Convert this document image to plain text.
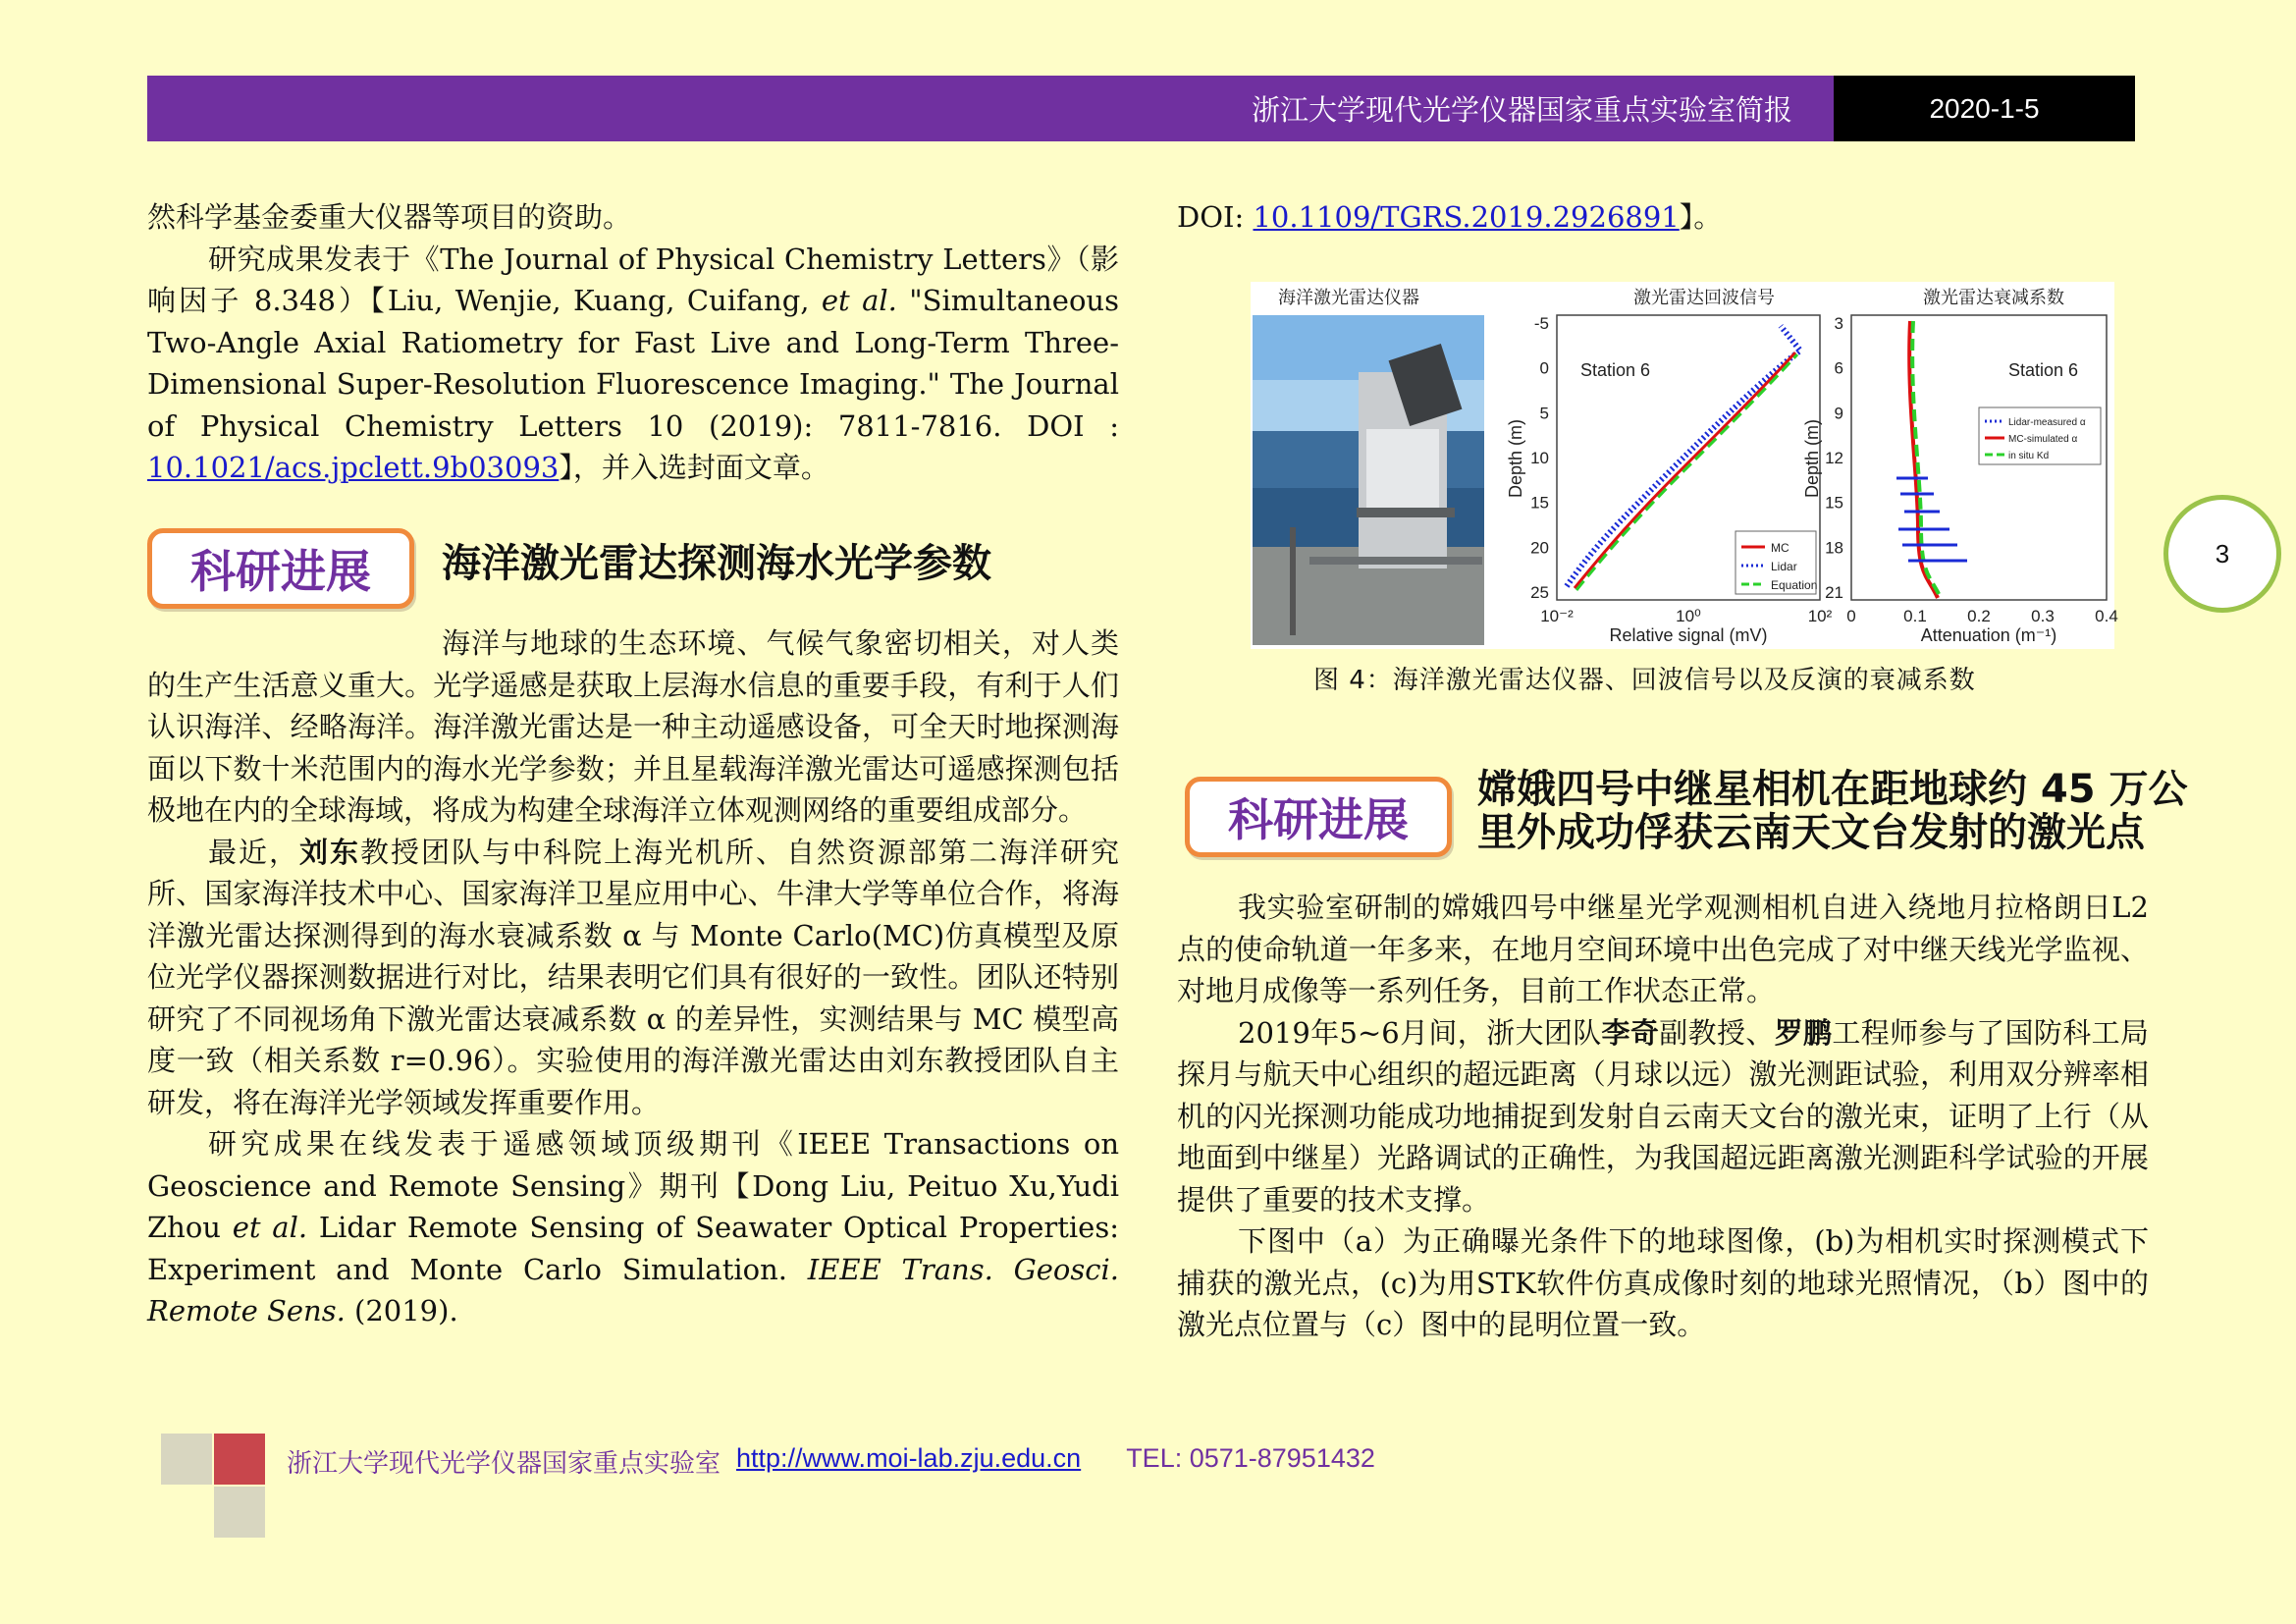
浙江大学现代光学仪器国家重点实验室简报	2020-1-5

然科学基金委重大仪器等项目的资助。

研究成果发表于《The Journal of Physical Chemistry Letters》（影响因子 8.348）【Liu, Wenjie, Kuang, Cuifang, et al. "Simultaneous Two-Angle Axial Ratiometry for Fast Live and Long-Term Three-Dimensional Super-Resolution Fluorescence Imaging." The Journal of Physical Chemistry Letters 10 (2019): 7811-7816. DOI : 10.1021/acs.jpclett.9b03093】，并入选封面文章。

科研进展	海洋激光雷达探测海水光学参数

海洋与地球的生态环境、气候气象密切相关，对人类的生产生活意义重大。光学遥感是获取上层海水信息的重要手段，有利于人们认识海洋、经略海洋。海洋激光雷达是一种主动遥感设备，可全天时地探测海面以下数十米范围内的海水光学参数；并且星载海洋激光雷达可遥感探测包括极地在内的全球海域，将成为构建全球海洋立体观测网络的重要组成部分。

最近，刘东教授团队与中科院上海光机所、自然资源部第二海洋研究所、国家海洋技术中心、国家海洋卫星应用中心、牛津大学等单位合作，将海洋激光雷达探测得到的海水衰减系数 α 与 Monte Carlo(MC)仿真模型及原位光学仪器探测数据进行对比，结果表明它们具有很好的一致性。团队还特别研究了不同视场角下激光雷达衰减系数 α 的差异性，实测结果与 MC 模型高度一致（相关系数 r=0.96）。实验使用的海洋激光雷达由刘东教授团队自主研发，将在海洋光学领域发挥重要作用。

研究成果在线发表于遥感领域顶级期刊《IEEE Transactions on Geoscience and Remote Sensing》期刊【Dong Liu, Peituo Xu,Yudi Zhou et al. Lidar Remote Sensing of Seawater Optical Properties: Experiment and Monte Carlo Simulation. IEEE Trans. Geosci. Remote Sens. (2019).

DOI: 10.1109/TGRS.2019.2926891】。

海洋激光雷达仪器	激光雷达回波信号
Station 6
Depth (m)
Relative signal (mV)
-5
0
5
10
15
20
25
10⁻²	10⁰	10²
MC
Lidar
Equation
激光雷达衰减系数
Station 6
Depth (m)
Attenuation (m⁻¹)
3
6
9
12
15
18
21
0	0.1 0.2 0.3 0.4
Lidar-measured α
MC-simulated α
in situ Kd
图 4：海洋激光雷达仪器、回波信号以及反演的衰减系数
3
科研进展
嫦娥四号中继星相机在距地球约 45 万公
里外成功俘获云南天文台发射的激光点

我实验室研制的嫦娥四号中继星光学观测相机自进入绕地月拉格朗日L2点的使命轨道一年多来，在地月空间环境中出色完成了对中继天线光学监视、对地月成像等一系列任务，目前工作状态正常。

2019年5~6月间，浙大团队李奇副教授、罗鹏工程师参与了国防科工局探月与航天中心组织的超远距离（月球以远）激光测距试验，利用双分辨率相机的闪光探测功能成功地捕捉到发射自云南天文台的激光束，证明了上行（从地面到中继星）光路调试的正确性，为我国超远距离激光测距科学试验的开展提供了重要的技术支撑。

下图中（a）为正确曝光条件下的地球图像，(b)为相机实时探测模式下捕获的激光点，(c)为用STK软件仿真成像时刻的地球光照情况，（b）图中的激光点位置与（c）图中的昆明位置一致。

浙江大学现代光学仪器国家重点实验室 http://www.moi-lab.zju.edu.cn TEL: 0571-87951432
